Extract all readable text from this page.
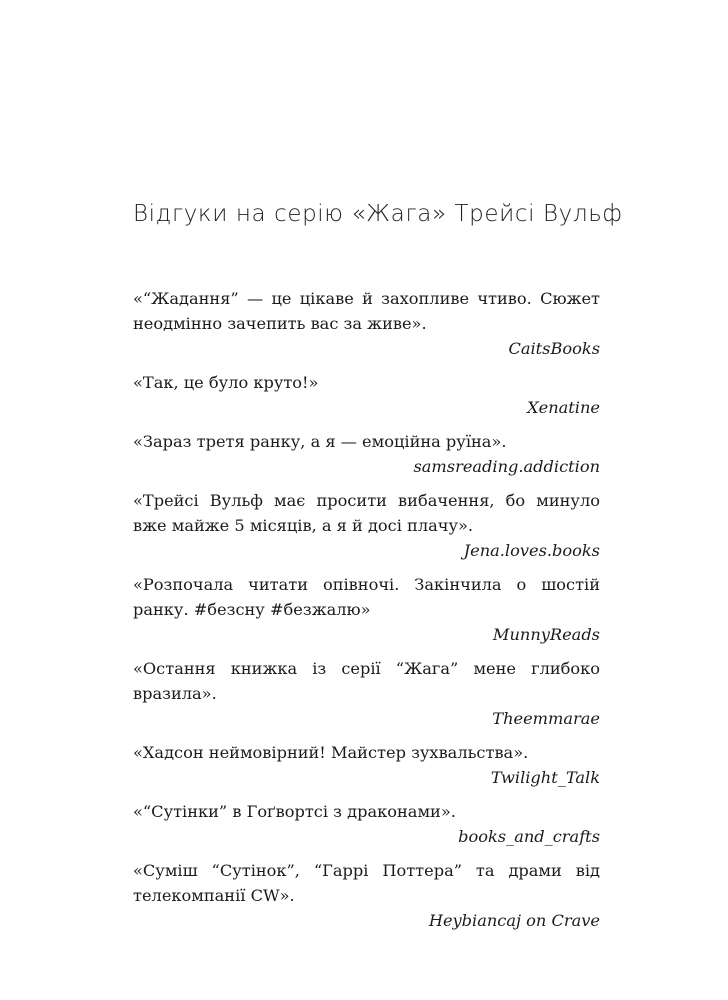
Відгуки на серію «Жага» Трейсі Вульф
«“Жадання” — це цікаве й захопливе чтиво. Сюжет неодмінно зачепить вас за живе».
CaitsBooks
«Так, це було круто!»
Xenatine
«Зараз третя ранку, а я — емоційна руїна».
samsreading.addiction
«Трейсі Вульф має просити вибачення, бо минуло вже майже 5 місяців, а я й досі плачу».
Jena.loves.books
«Розпочала читати опівночі. Закінчила о шостій ранку. #безсну #безжалю»
MunnyReads
«Остання книжка із серії “Жага” мене глибоко вразила».
Theemmarae
«Хадсон неймовірний! Майстер зухвальства».
Twilight_Talk
«“Сутінки” в Гоґвортсі з драконами».
books_and_crafts
«Суміш “Сутінок”, “Гаррі Поттера” та драми від телекомпанії CW».
Heybiancaj on Crave
